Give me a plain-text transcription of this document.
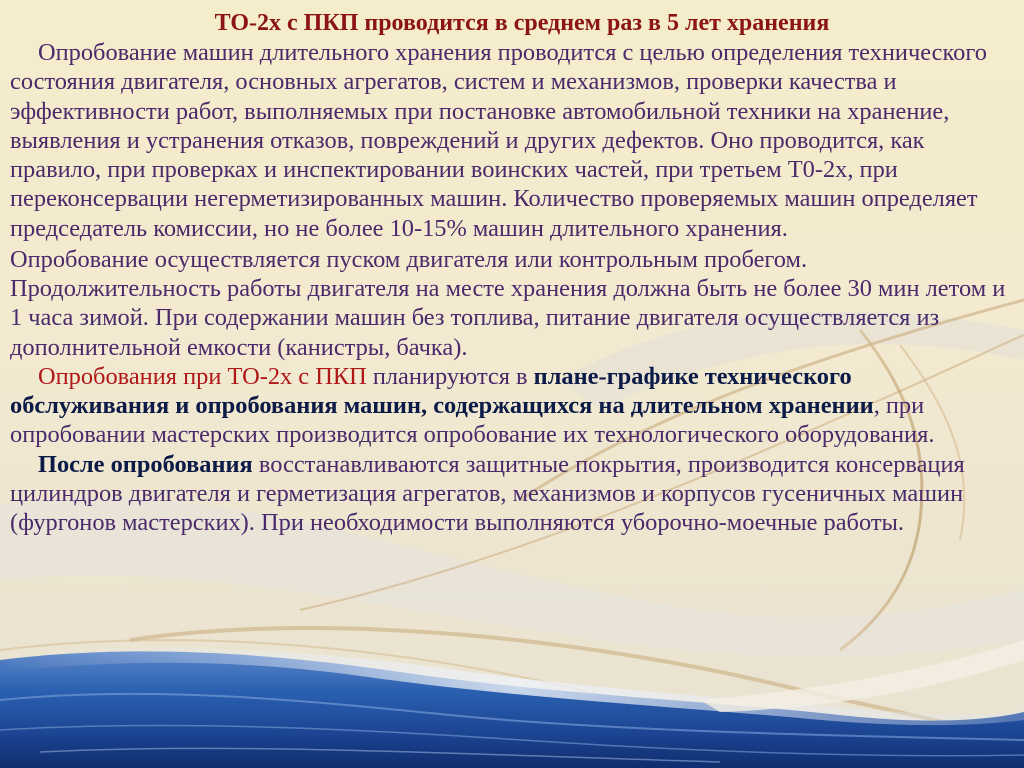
ТО-2х с ПКП проводится в среднем раз в 5 лет хранения

Опробование машин длительного хранения проводится с целью определения технического состояния двигателя, основных агрегатов, систем и механизмов, проверки качества и эффективности работ, выполняемых при постановке автомобильной техники на хранение, выявления и устранения отказов, повреждений и других дефектов. Оно проводится, как правило, при проверках и инспектировании воинских частей, при третьем Т0-2х, при переконсервации негерметизированных машин. Количество проверяемых машин определяет председатель комиссии, но не более 10-15% машин длительного хранения.

Опробование осуществляется пуском двигателя или контрольным пробегом. Продолжительность работы двигателя на месте хранения должна быть не более 30 мин летом и 1 часа зимой. При содержании машин без топлива, питание двигателя осуществляется из дополнительной емкости (канистры, бачка).

Опробования при ТО-2х с ПКП планируются в плане-графике технического обслуживания и опробования машин, содержащихся на длительном хранении, при опробовании мастерских производится опробование их технологического оборудования.

После опробования восстанавливаются защитные покрытия, производится консервация цилиндров двигателя и герметизация агрегатов, механизмов и корпусов гусеничных машин (фургонов мастерских). При необходимости выполняются уборочно-моечные работы.
